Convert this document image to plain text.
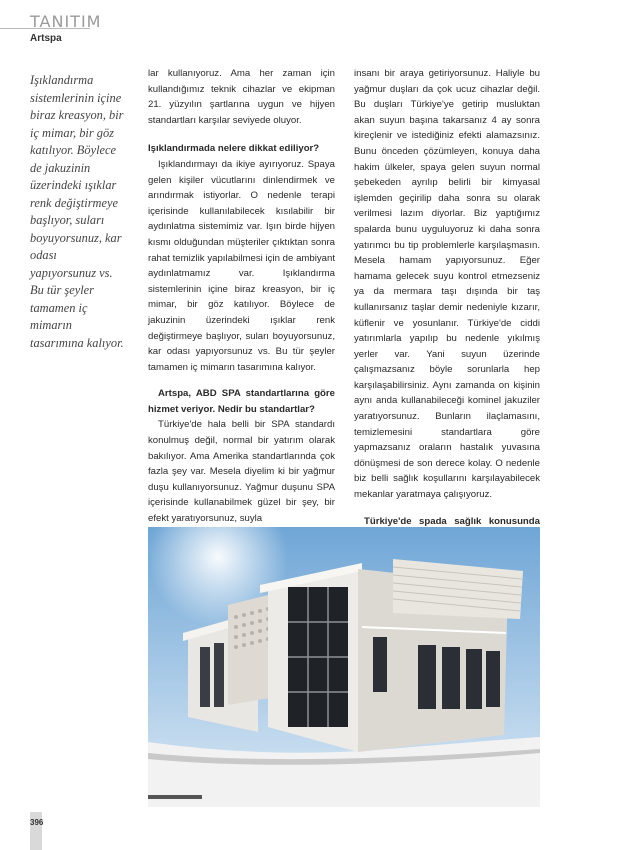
TANITIM
Artspa
Işıklandırma sistemlerinin içine biraz kreasyon, bir iç mimar, bir göz katılıyor. Böylece de jakuzinin üzerindeki ışıklar renk değiştirmeye başlıyor, suları boyuyorsunuz, kar odası yapıyorsunuz vs. Bu tür şeyler tamamen iç mimarın tasarımına kalıyor.

lar kullanıyoruz. Ama her zaman için kullandığımız teknik cihazlar ve ekipman 21. yüzyılın şartlarına uygun ve hijyen standartları karşılar seviyede oluyor.

Işıklandırmada nelere dikkat ediliyor?

Işıklandırmayı da ikiye ayırıyoruz. Spaya gelen kişiler vücutlarını dinlendirmek ve arındırmak istiyorlar. O nedenle terapi içerisinde kullanılabilecek kısılabilir bir aydınlatma sistemimiz var. Işın birde hijyen kısmı olduğundan müşteriler çıktıktan sonra rahat temizlik yapılabilmesi için de ambiyant aydınlatmamız var. Işıklandırma sistemlerinin içine biraz kreasyon, bir iç mimar, bir göz katılıyor. Böylece de jakuzinin üzerindeki ışıklar renk değiştirmeye başlıyor, suları boyuyorsunuz, kar odası yapıyorsunuz vs. Bu tür şeyler tamamen iç mimarın tasarımına kalıyor.

Artspa, ABD SPA standartlarına göre hizmet veriyor. Nedir bu standartlar?

Türkiye'de hala belli bir SPA standardı konulmuş değil, normal bir yatırım olarak bakılıyor. Ama Amerika standartlarında çok fazla şey var. Mesela diyelim ki bir yağmur duşu kullanıyorsunuz. Yağmur duşunu SPA içerisinde kullanabilmek güzel bir şey, bir efekt yaratıyorsunuz, suyla

insanı bir araya getiriyorsunuz. Haliyle bu yağmur duşları da çok ucuz cihazlar değil. Bu duşları Türkiye'ye getirip musluktan akan suyun başına takarsanız 4 ay sonra kireçlenir ve istediğiniz efekti alamazsınız. Bunu önceden çözümleyen, konuya daha hakim ülkeler, spaya gelen suyun normal şebekeden ayrılıp belirli bir kimyasal işlemden geçirilip daha sonra su olarak verilmesi lazım diyorlar. Biz yaptığımız spalarda bunu uyguluyoruz ki daha sonra yatırımcı bu tip problemlerle karşılaşmasın. Mesela hamam yapıyorsunuz. Eğer hamama gelecek suyu kontrol etmezseniz ya da mermara taşı dışında bir taş kullanırsanız taşlar demir nedeniyle kızarır, küflenir ve yosunlanır. Türkiye'de ciddi yatırımlarla yapılıp bu nedenle yıkılmış yerler var. Yani suyun üzerinde çalışmazsanız böyle sorunlarla hep karşılaşabilirsiniz. Aynı zamanda on kişinin aynı anda kullanabileceği kominel jakuziler yaratıyorsunuz. Bunların ilaçlamasını, temizlemesini standartlara göre yapmazsanız oraların hastalık yuvasına dönüşmesi de son derece kolay. O nedenle biz belli sağlık koşullarını karşılayabilecek mekanlar yaratmaya çalışıyoruz.

Türkiye'de spada sağlık konusunda

396
